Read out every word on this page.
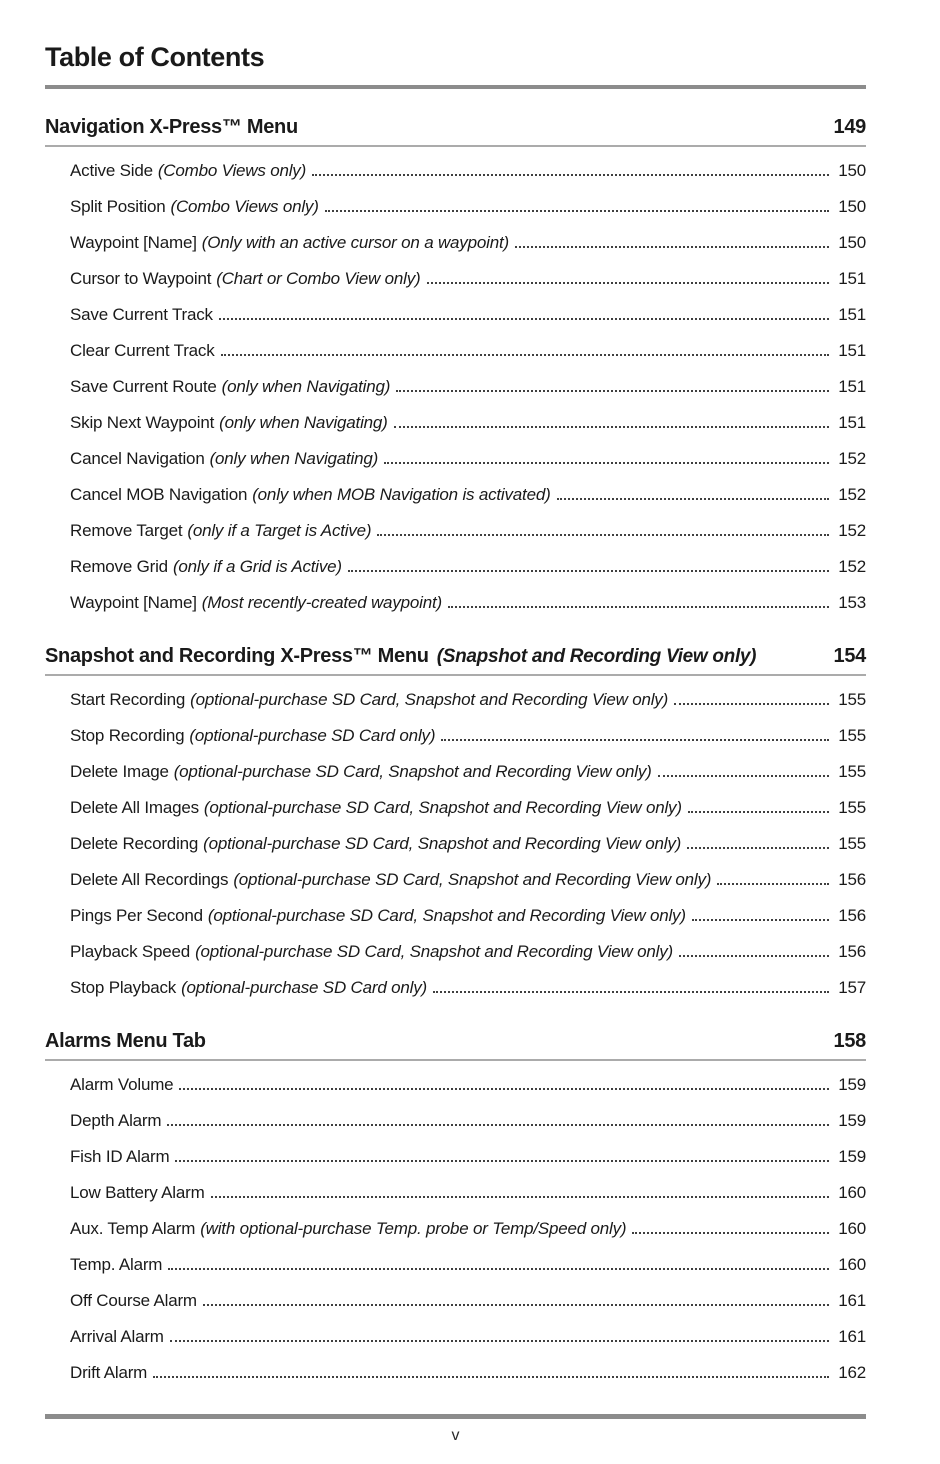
Table of Contents
Navigation X-Press™ Menu	149
Active Side (Combo Views only)	150
Split Position (Combo Views only)	150
Waypoint [Name] (Only with an active cursor on a waypoint)	150
Cursor to Waypoint (Chart or Combo View only)	151
Save Current Track	151
Clear Current Track	151
Save Current Route (only when Navigating)	151
Skip Next Waypoint (only when Navigating)	151
Cancel Navigation (only when Navigating)	152
Cancel MOB Navigation (only when MOB Navigation is activated)	152
Remove Target (only if a Target is Active)	152
Remove Grid (only if a Grid is Active)	152
Waypoint [Name] (Most recently-created waypoint)	153
Snapshot and Recording X-Press™ Menu (Snapshot and Recording View only)	154
Start Recording (optional-purchase SD Card, Snapshot and Recording View only)	155
Stop Recording (optional-purchase SD Card only)	155
Delete Image (optional-purchase SD Card, Snapshot and Recording View only)	155
Delete All Images (optional-purchase SD Card, Snapshot and Recording View only)	155
Delete Recording (optional-purchase SD Card, Snapshot and Recording View only)	155
Delete All Recordings (optional-purchase SD Card, Snapshot and Recording View only)	156
Pings Per Second (optional-purchase SD Card, Snapshot and Recording View only)	156
Playback Speed (optional-purchase SD Card, Snapshot and Recording View only)	156
Stop Playback (optional-purchase SD Card only)	157
Alarms Menu Tab	158
Alarm Volume	159
Depth Alarm	159
Fish ID Alarm	159
Low Battery Alarm	160
Aux. Temp Alarm (with optional-purchase Temp. probe or Temp/Speed only)	160
Temp. Alarm	160
Off Course Alarm	161
Arrival Alarm	161
Drift Alarm	162
v
